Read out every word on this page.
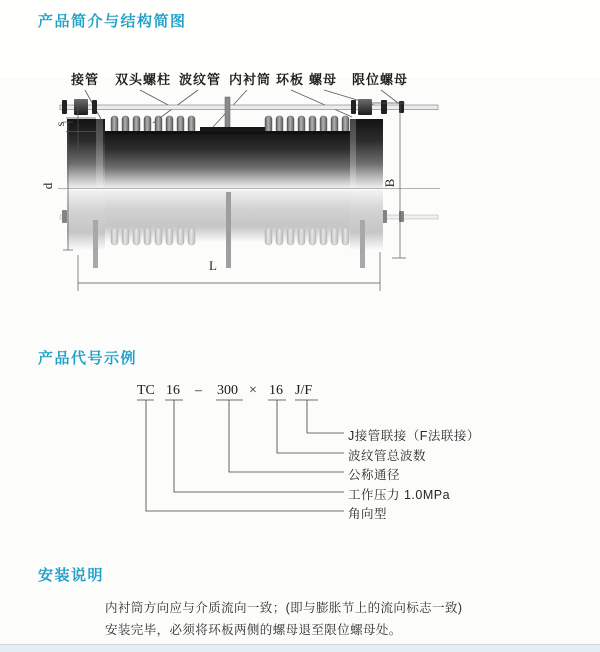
产品简介与结构简图
接管 双头螺柱 波纹管 内衬筒 环板 螺母 限位螺母
s
d	B
L
产品代号示例
TC 16 – 300 × 16 J/F
J接管联接（F法联接）
波纹管总波数
公称通径
工作压力 1.0MPa
角向型
安装说明
内衬筒方向应与介质流向一致；(即与膨胀节上的流向标志一致)
安装完毕，必须将环板两侧的螺母退至限位螺母处。
